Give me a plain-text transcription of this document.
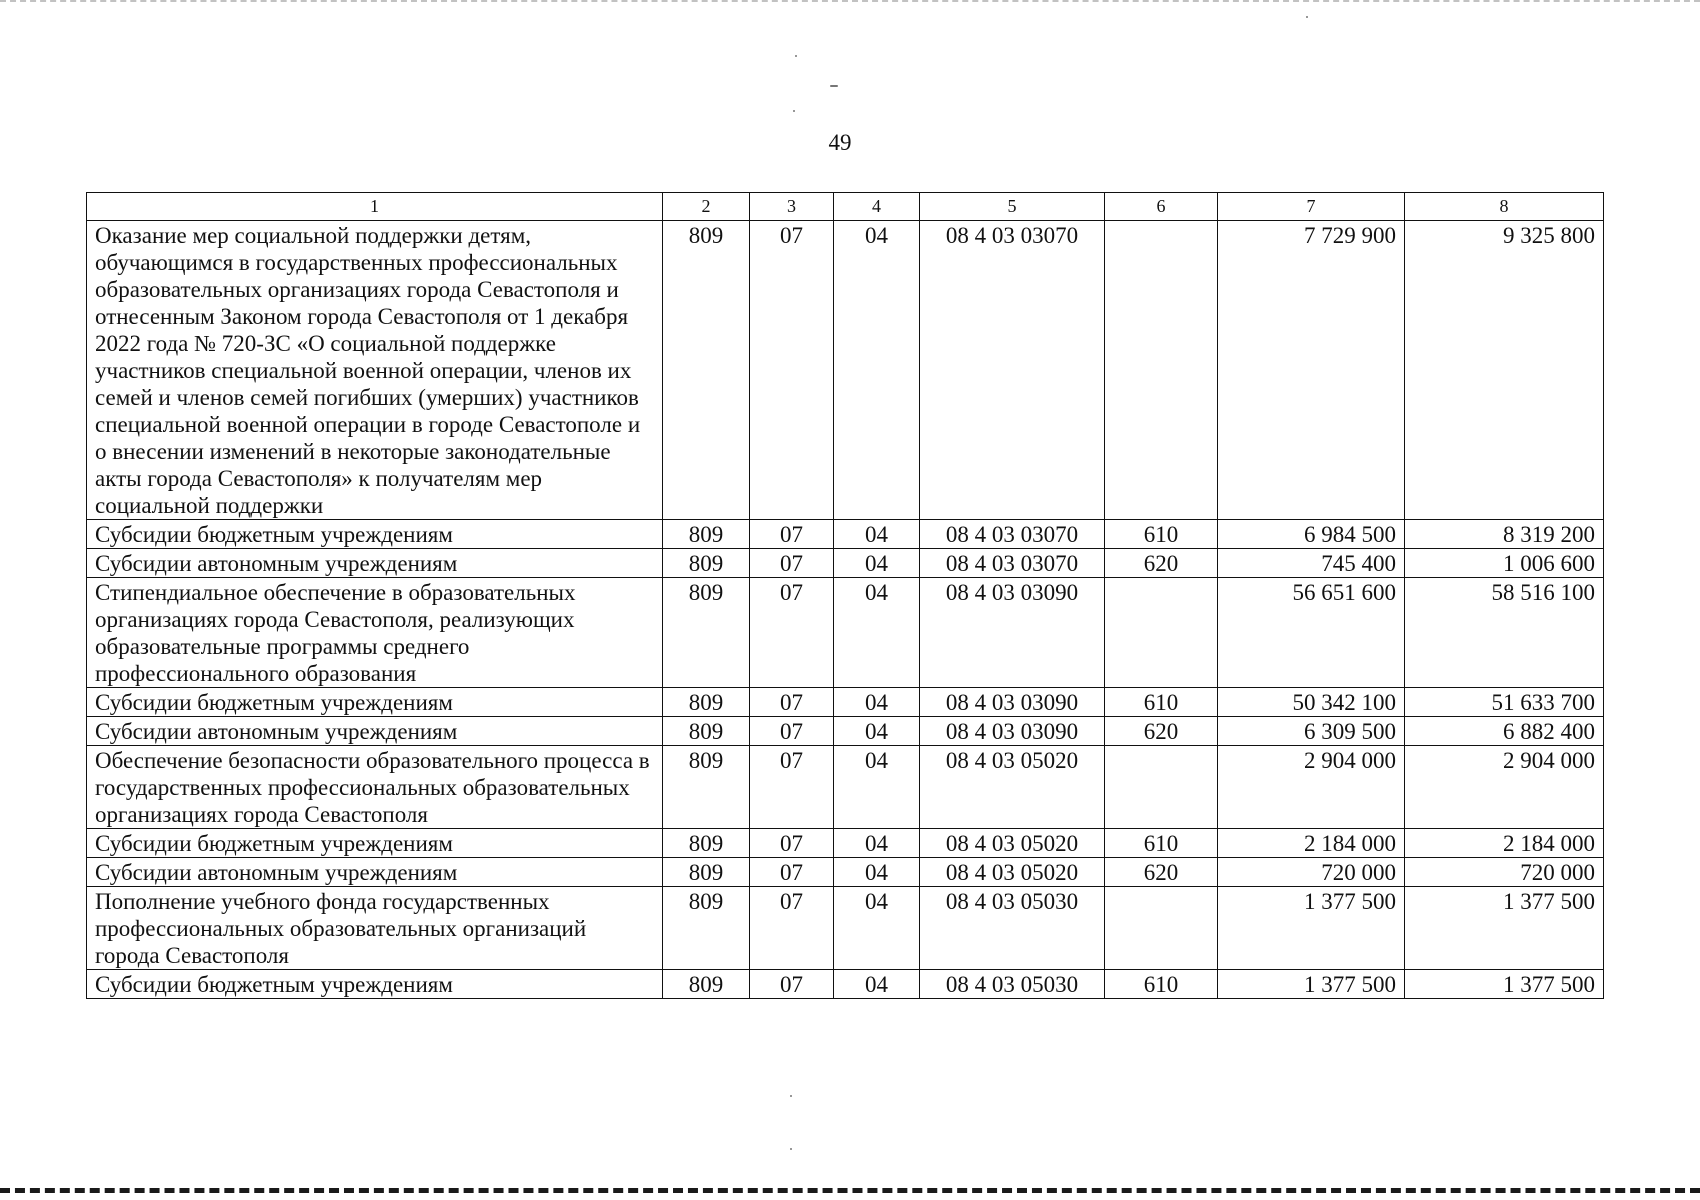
49
1	2	3	4	5	6	7	8
Оказание мер социальной поддержки детям, обучающимся в государственных профессиональных образовательных организациях города Севастополя и отнесенным Законом города Севастополя от 1 декабря 2022 года № 720-ЗС «О социальной поддержке участников специальной военной операции, членов их семей и членов семей погибших (умерших) участников специальной военной операции в городе Севастополе и о внесении изменений в некоторые законодательные акты города Севастополя» к получателям мер социальной поддержки	809	07	04	08 4 03 03070		7 729 900	9 325 800
Субсидии бюджетным учреждениям	809	07	04	08 4 03 03070	610	6 984 500	8 319 200
Субсидии автономным учреждениям	809	07	04	08 4 03 03070	620	745 400	1 006 600
Стипендиальное обеспечение в образовательных организациях города Севастополя, реализующих образовательные программы среднего профессионального образования	809	07	04	08 4 03 03090		56 651 600	58 516 100
Субсидии бюджетным учреждениям	809	07	04	08 4 03 03090	610	50 342 100	51 633 700
Субсидии автономным учреждениям	809	07	04	08 4 03 03090	620	6 309 500	6 882 400
Обеспечение безопасности образовательного процесса в государственных профессиональных образовательных организациях города Севастополя	809	07	04	08 4 03 05020		2 904 000	2 904 000
Субсидии бюджетным учреждениям	809	07	04	08 4 03 05020	610	2 184 000	2 184 000
Субсидии автономным учреждениям	809	07	04	08 4 03 05020	620	720 000	720 000
Пополнение учебного фонда государственных профессиональных образовательных организаций города Севастополя	809	07	04	08 4 03 05030		1 377 500	1 377 500
Субсидии бюджетным учреждениям	809	07	04	08 4 03 05030	610	1 377 500	1 377 500
